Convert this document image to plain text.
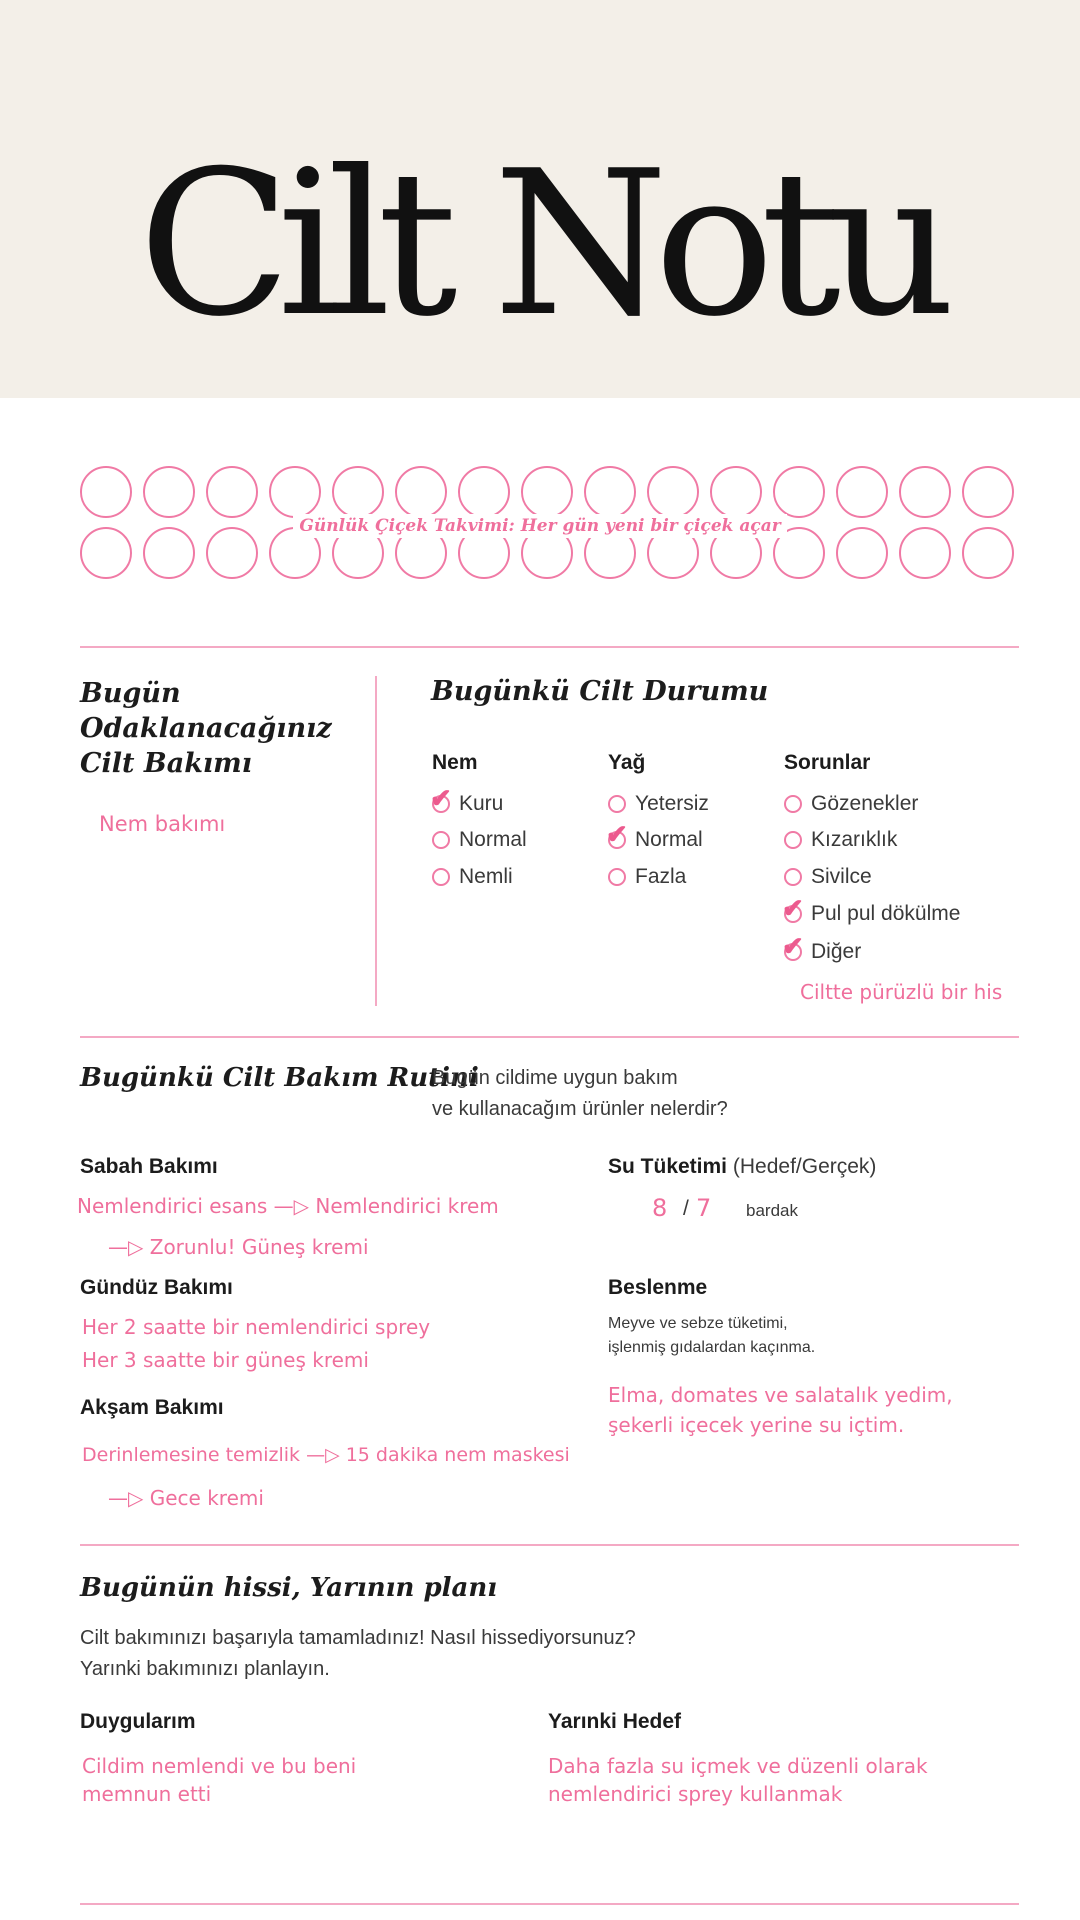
Cilt Notu
Günlük Çiçek Takvimi: Her gün yeni bir çiçek açar
Bugün
Odaklanacağınız
Cilt Bakımı
Nem bakımı
Bugünkü Cilt Durumu
Nem	Yağ	Sorunlar
✔ Kuru
Normal
Nemli
Yetersiz
✔ Normal
Fazla
Gözenekler
Kızarıklık
Sivilce
✔ Pul pul dökülme
✔ Diğer
Ciltte pürüzlü bir his
Bugünkü Cilt Bakım Rutini
Bugün cildime uygun bakım
ve kullanacağım ürünler nelerdir?
Sabah Bakımı
Nemlendirici esans —▷ Nemlendirici krem
—▷ Zorunlu! Güneş kremi
Gündüz Bakımı
Her 2 saatte bir nemlendirici sprey
Her 3 saatte bir güneş kremi
Akşam Bakımı
Derinlemesine temizlik —▷ 15 dakika nem maskesi
—▷ Gece kremi
Su Tüketimi (Hedef/Gerçek)
8 / 7 bardak
Beslenme
Meyve ve sebze tüketimi,
işlenmiş gıdalardan kaçınma.
Elma, domates ve salatalık yedim,
şekerli içecek yerine su içtim.
Bugünün hissi, Yarının planı
Cilt bakımınızı başarıyla tamamladınız! Nasıl hissediyorsunuz?
Yarınki bakımınızı planlayın.
Duygularım
Cildim nemlendi ve bu beni
memnun etti
Yarınki Hedef
Daha fazla su içmek ve düzenli olarak
nemlendirici sprey kullanmak
